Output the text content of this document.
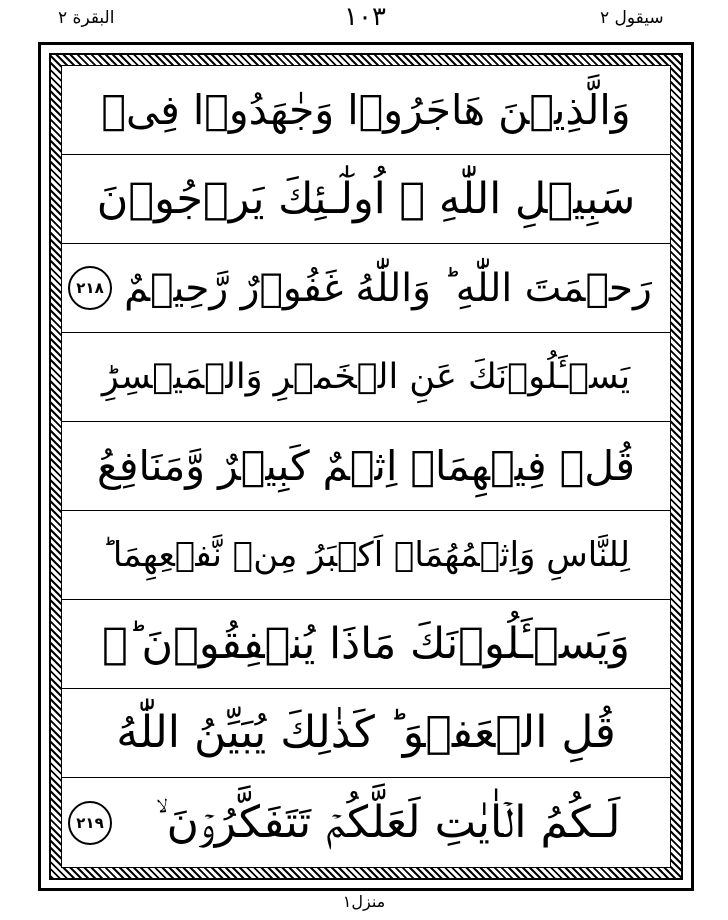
البقرة ٢	١٠٣	سیقول ٢
وَالَّذِیۡنَ هَاجَرُوۡا وَجٰهَدُوۡا فِیۡ
سَبِیۡلِ اللّٰهِ ۙ اُولٰٓـئِكَ یَرۡجُوۡنَ
رَحۡمَتَ اللّٰهِ ؕ وَاللّٰهُ غَفُوۡرٌ رَّحِیۡمٌ
٢١٨
یَسۡـَٔلُوۡنَكَ عَنِ الۡخَمۡرِ وَالۡمَیۡسِرِؕ
قُلۡ فِیۡهِمَاۤ اِثۡمٌ كَبِیۡرٌ وَّمَنَافِعُ
لِلنَّاسِ وَاِثۡمُهُمَاۤ اَكۡبَرُ مِنۡ نَّفۡعِهِمَا ؕ
وَیَسۡـَٔلُوۡنَكَ مَاذَا یُنۡفِقُوۡنَ ؕ۬
قُلِ الۡعَفۡوَ ؕ كَذٰلِكَ یُبَیِّنُ اللّٰهُ
لَـكُمُ الۡاٰیٰتِ لَعَلَّكُمۡ تَتَفَكَّرُوۡنَ ۙ
٢١٩
منزل١
